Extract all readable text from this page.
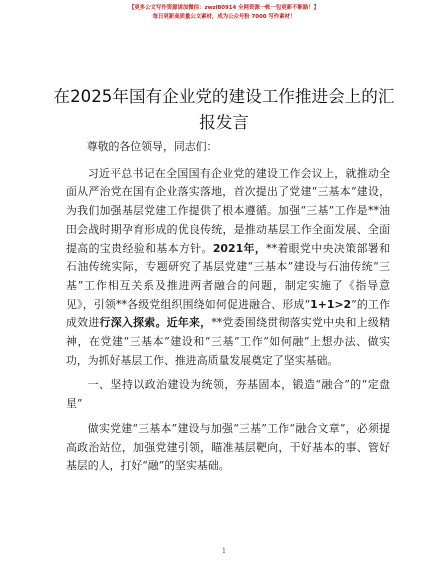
【更多公文写作资源请加微信：zwzl80914 全网资源一帐一包更新不断路！】
每日更新高质量公文素材，成为公众号粉 7000 写作素材！
在2025年国有企业党的建设工作推进会上的汇报发言

尊敬的各位领导，同志们：

习近平总书记在全国国有企业党的建设工作会议上，就推动全面从严治党在国有企业落实落地，首次提出了党建“三基本”建设，为我们加强基层党建工作提供了根本遵循。加强“三基”工作是**油田会战时期孕育形成的优良传统，是推动基层工作全面发展、全面提高的宝贵经验和基本方针。2021年，**着眼党中央决策部署和石油传统实际，专题研究了基层党建“三基本”建设与石油传统“三基”工作相互关系及推进两者融合的问题，制定实施了《指导意见》，引领**各级党组织围绕如何促进融合、形成“1+1>2”的工作成效进行深入探索。近年来，**党委围绕贯彻落实党中央和上级精神，在党建“三基本”建设和“三基”工作“如何融”上想办法、做实功，为抓好基层工作、推进高质量发展奠定了坚实基础。

一、坚持以政治建设为统领，夯基固本，锻造“融合”的“定盘星”

做实党建“三基本”建设与加强“三基”工作“融合文章”，必须提高政治站位，加强党建引领，瞄准基层靶向，干好基本的事、管好基层的人，打好“融”的坚实基础。

1
